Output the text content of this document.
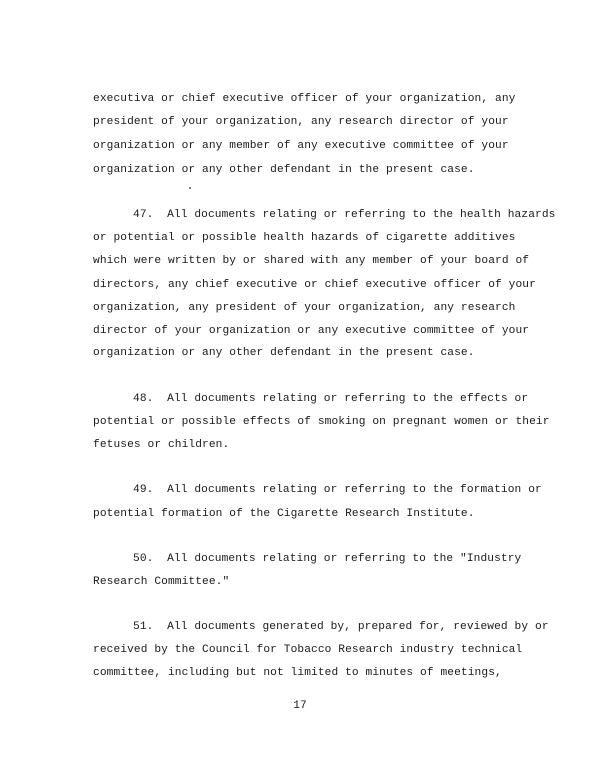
executiva or chief executive officer of your organization, any
president of your organization, any research director of your
organization or any member of any executive committee of your
organization or any other defendant in the present case.
47.  All documents relating or referring to the health hazards
or potential or possible health hazards of cigarette additives
which were written by or shared with any member of your board of
directors, any chief executive or chief executive officer of your
organization, any president of your organization, any research
director of your organization or any executive committee of your
organization or any other defendant in the present case.
48.  All documents relating or referring to the effects or
potential or possible effects of smoking on pregnant women or their
fetuses or children.
49.  All documents relating or referring to the formation or
potential formation of the Cigarette Research Institute.
50.  All documents relating or referring to the "Industry
Research Committee."
51.  All documents generated by, prepared for, reviewed by or
received by the Council for Tobacco Research industry technical
committee, including but not limited to minutes of meetings,
17
